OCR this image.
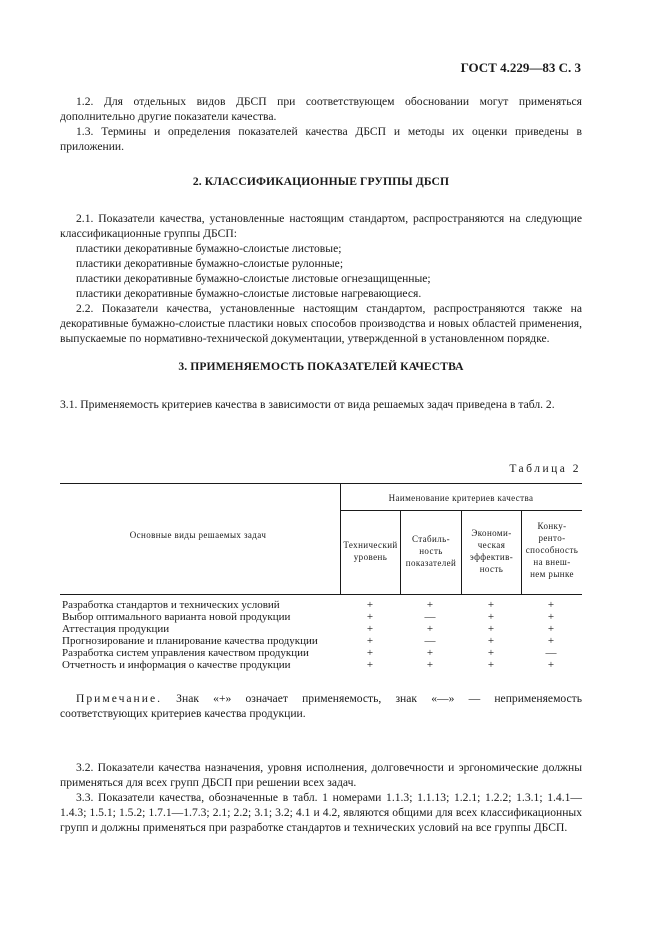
ГОСТ 4.229—83 С. 3

1.2. Для отдельных видов ДБСП при соответствующем обосновании могут применяться дополнительно другие показатели качества.

1.3. Термины и определения показателей качества ДБСП и методы их оценки приведены в приложении.

2. КЛАССИФИКАЦИОННЫЕ ГРУППЫ ДБСП

2.1. Показатели качества, установленные настоящим стандартом, распространяются на следующие классификационные группы ДБСП:

пластики декоративные бумажно-слоистые листовые;

пластики декоративные бумажно-слоистые рулонные;

пластики декоративные бумажно-слоистые листовые огнезащищенные;

пластики декоративные бумажно-слоистые листовые нагревающиеся.

2.2. Показатели качества, установленные настоящим стандартом, распространяются также на декоративные бумажно-слоистые пластики новых способов производства и новых областей применения, выпускаемые по нормативно-технической документации, утвержденной в установленном порядке.

3. ПРИМЕНЯЕМОСТЬ ПОКАЗАТЕЛЕЙ КАЧЕСТВА
3.1. Применяемость критериев качества в зависимости от вида решаемых задач приведена в табл. 2.
Таблица 2
Основные виды решаемых задач
Наименование критериев качества
Технический
уровень
Стабиль-
ность
показателей
Экономи-
ческая
эффектив-
ность
Конку-
ренто-
способность
на внеш-
нем рынке
Разработка стандартов и технических условий	+	+	+	+
Выбор оптимального варианта новой продукции	+	—	+	+
Аттестация продукции	+	+	+	+
Прогнозирование и планирование качества продукции	+	—	+	+
Разработка систем управления качеством продукции	+	+	+	—
Отчетность и информация о качестве продукции	+	+	+	+

Примечание. Знак «+» означает применяемость, знак «—» — неприменяемость соответствующих критериев качества продукции.

3.2. Показатели качества назначения, уровня исполнения, долговечности и эргономические должны применяться для всех групп ДБСП при решении всех задач.

3.3. Показатели качества, обозначенные в табл. 1 номерами 1.1.3; 1.1.13; 1.2.1; 1.2.2; 1.3.1; 1.4.1—1.4.3; 1.5.1; 1.5.2; 1.7.1—1.7.3; 2.1; 2.2; 3.1; 3.2; 4.1 и 4.2, являются общими для всех классификационных групп и должны применяться при разработке стандартов и технических условий на все группы ДБСП.
